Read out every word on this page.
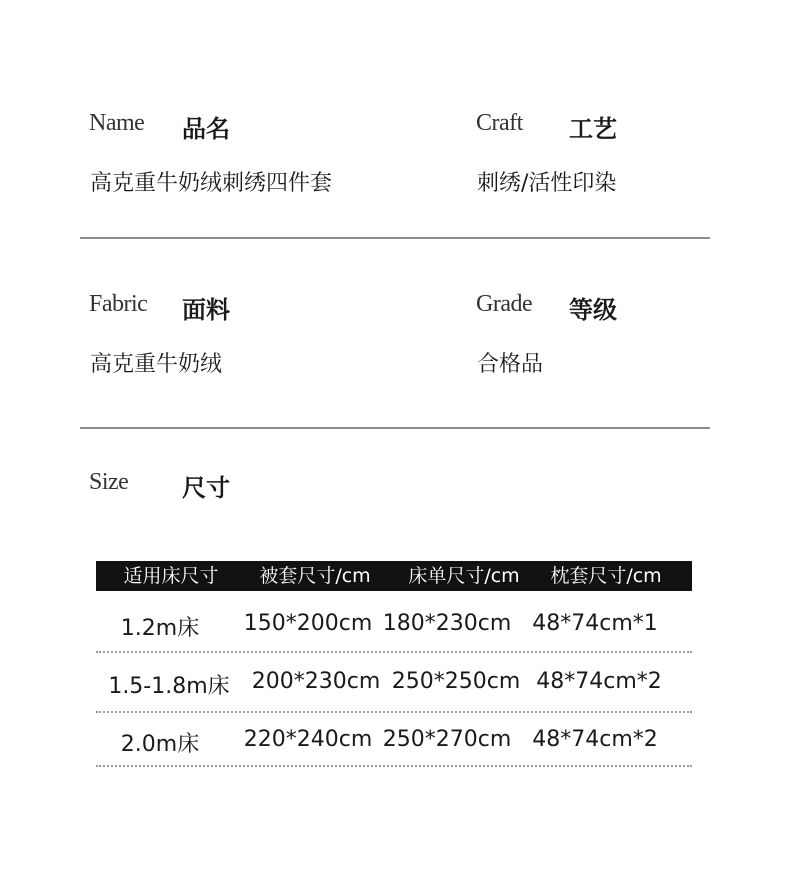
Name 品名	Craft 工艺
高克重牛奶绒刺绣四件套	刺绣/活性印染
Fabric 面料	Grade 等级
高克重牛奶绒	合格品
Size 尺寸
适用床尺寸 被套尺寸/cm 床单尺寸/cm 枕套尺寸/cm
1.2m床 150*200cm 180*230cm 48*74cm*1
1.5-1.8m床 200*230cm 250*250cm 48*74cm*2
2.0m床 220*240cm 250*270cm 48*74cm*2
